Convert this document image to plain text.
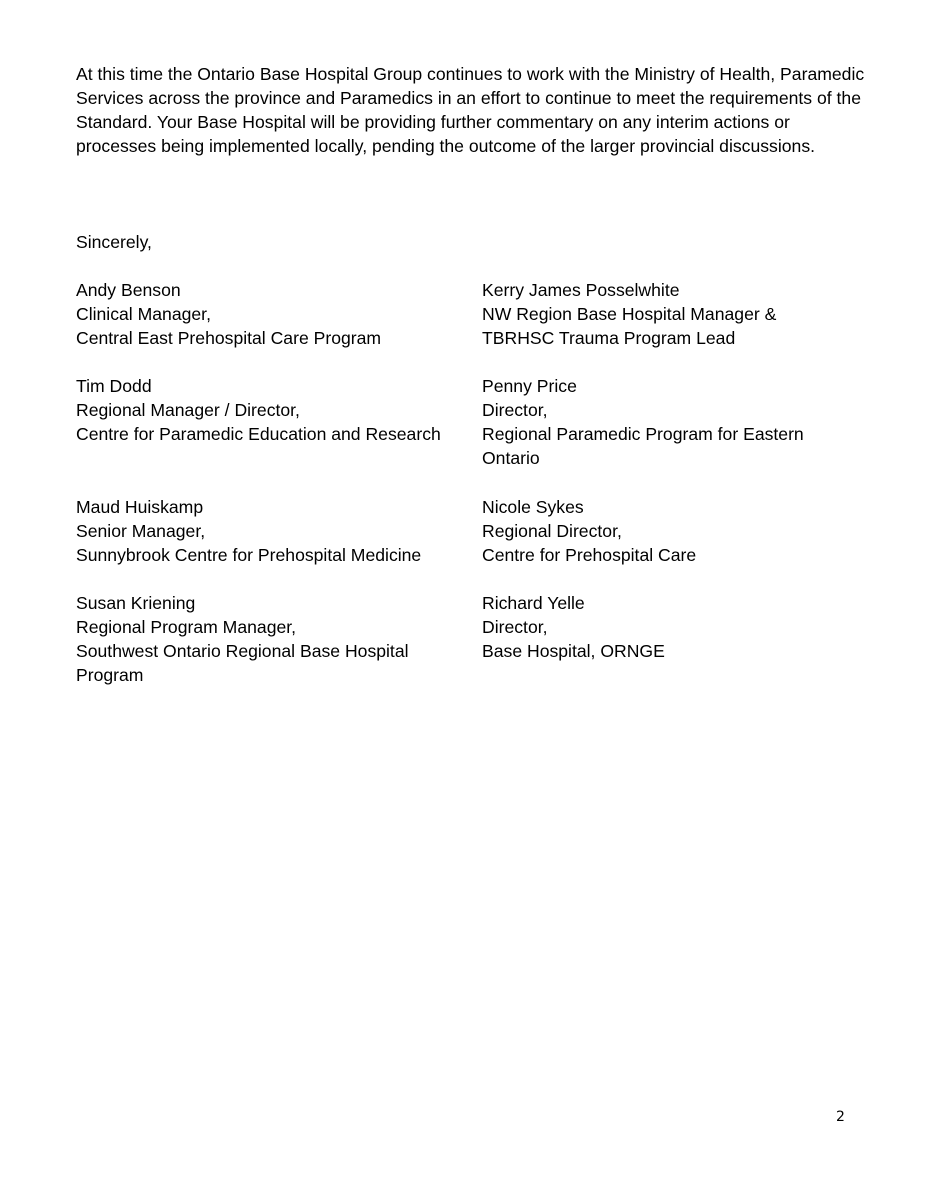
At this time the Ontario Base Hospital Group continues to work with the Ministry of Health, Paramedic Services across the province and Paramedics in an effort to continue to meet the requirements of the Standard. Your Base Hospital will be providing further commentary on any interim actions or processes being implemented locally, pending the outcome of the larger provincial discussions.

Sincerely,

Andy Benson
Clinical Manager,
Central East Prehospital Care Program
Kerry James Posselwhite
NW Region Base Hospital Manager &
TBRHSC Trauma Program Lead
Tim Dodd
Regional Manager / Director,
Centre for Paramedic Education and Research
Penny Price
Director,
Regional Paramedic Program for Eastern Ontario
Maud Huiskamp
Senior Manager,
Sunnybrook Centre for Prehospital Medicine
Nicole Sykes
Regional Director,
Centre for Prehospital Care
Susan Kriening
Regional Program Manager,
Southwest Ontario Regional Base Hospital Program
Richard Yelle
Director,
Base Hospital, ORNGE
2
